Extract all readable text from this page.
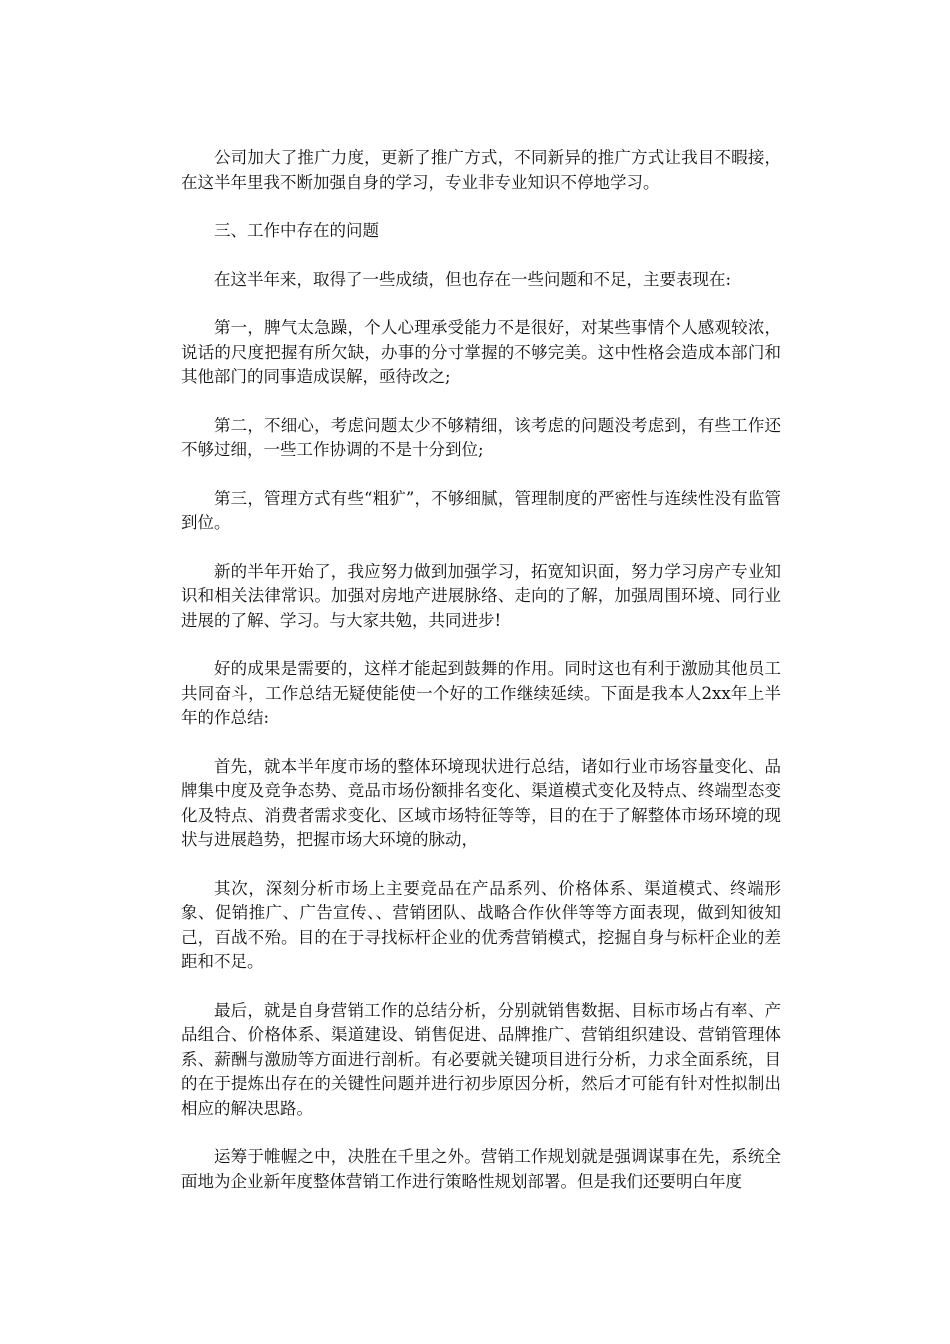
公司加大了推广力度，更新了推广方式，不同新异的推广方式让我目不暇接，在这半年里我不断加强自身的学习，专业非专业知识不停地学习。

三、工作中存在的问题

在这半年来，取得了一些成绩，但也存在一些问题和不足，主要表现在:

第一，脾气太急躁，个人心理承受能力不是很好，对某些事情个人感观较浓，说话的尺度把握有所欠缺，办事的分寸掌握的不够完美。这中性格会造成本部门和其他部门的同事造成误解，亟待改之;

第二，不细心，考虑问题太少不够精细，该考虑的问题没考虑到，有些工作还不够过细，一些工作协调的不是十分到位;

第三，管理方式有些“粗犷”，不够细腻，管理制度的严密性与连续性没有监管到位。

新的半年开始了，我应努力做到加强学习，拓宽知识面，努力学习房产专业知识和相关法律常识。加强对房地产进展脉络、走向的了解，加强周围环境、同行业进展的了解、学习。与大家共勉，共同进步!

好的成果是需要的，这样才能起到鼓舞的作用。同时这也有利于激励其他员工共同奋斗，工作总结无疑使能使一个好的工作继续延续。下面是我本人2xx年上半年的作总结:

首先，就本半年度市场的整体环境现状进行总结，诸如行业市场容量变化、品牌集中度及竞争态势、竞品市场份额排名变化、渠道模式变化及特点、终端型态变化及特点、消费者需求变化、区域市场特征等等，目的在于了解整体市场环境的现状与进展趋势，把握市场大环境的脉动，

其次，深刻分析市场上主要竞品在产品系列、价格体系、渠道模式、终端形象、促销推广、广告宣传、、营销团队、战略合作伙伴等等方面表现，做到知彼知己，百战不殆。目的在于寻找标杆企业的优秀营销模式，挖掘自身与标杆企业的差距和不足。

最后，就是自身营销工作的总结分析，分别就销售数据、目标市场占有率、产品组合、价格体系、渠道建设、销售促进、品牌推广、营销组织建设、营销管理体系、薪酬与激励等方面进行剖析。有必要就关键项目进行分析，力求全面系统，目的在于提炼出存在的关键性问题并进行初步原因分析，然后才可能有针对性拟制出相应的解决思路。

运筹于帷幄之中，决胜在千里之外。营销工作规划就是强调谋事在先，系统全面地为企业新年度整体营销工作进行策略性规划部署。但是我们还要明白年度
